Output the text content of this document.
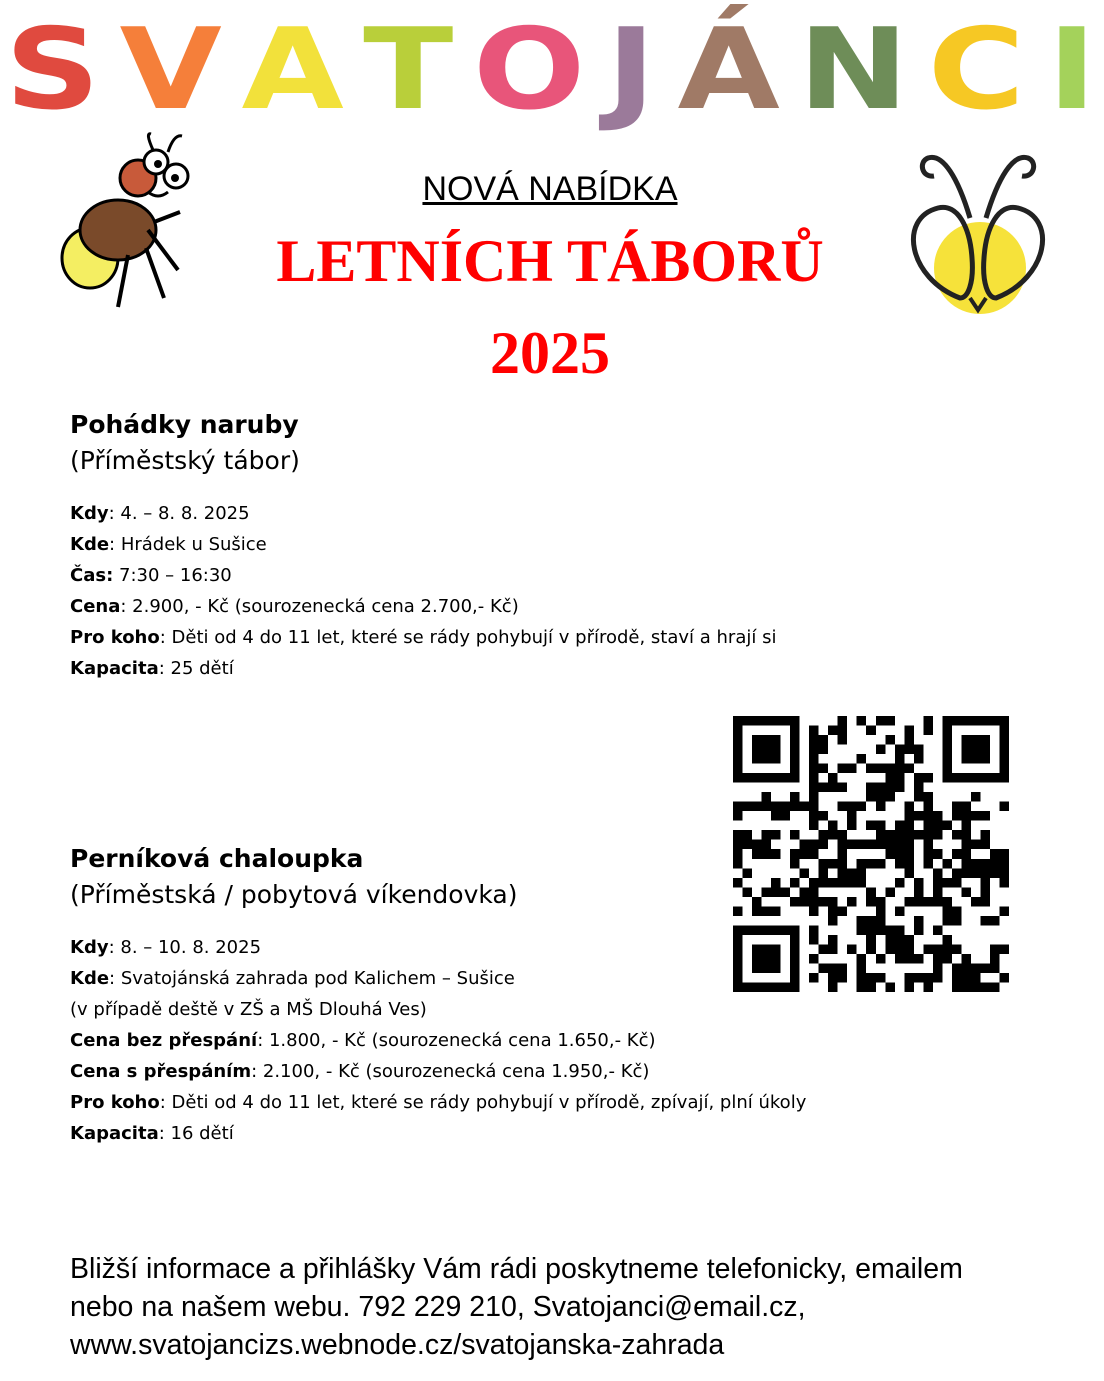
S V A T O J Á N C I
NOVÁ NABÍDKA
LETNÍCH TÁBORŮ
2025
Pohádky naruby
(Příměstský tábor)
Kdy: 4. – 8. 8. 2025
Kde: Hrádek u Sušice
Čas: 7:30 – 16:30
Cena: 2.900, - Kč (sourozenecká cena 2.700,- Kč)
Pro koho: Děti od 4 do 11 let, které se rády pohybují v přírodě, staví a hrají si
Kapacita: 25 dětí
Perníková chaloupka
(Příměstská / pobytová víkendovka)
Kdy: 8. – 10. 8. 2025
Kde: Svatojánská zahrada pod Kalichem – Sušice
(v případě deště v ZŠ a MŠ Dlouhá Ves)
Cena bez přespání: 1.800, - Kč (sourozenecká cena 1.650,- Kč)
Cena s přespáním: 2.100, - Kč (sourozenecká cena 1.950,- Kč)
Pro koho: Děti od 4 do 11 let, které se rády pohybují v přírodě, zpívají, plní úkoly
Kapacita: 16 dětí
Bližší informace a přihlášky Vám rádi poskytneme telefonicky, emailem
nebo na našem webu. 792 229 210, Svatojanci@email.cz,
www.svatojancizs.webnode.cz/svatojanska-zahrada
